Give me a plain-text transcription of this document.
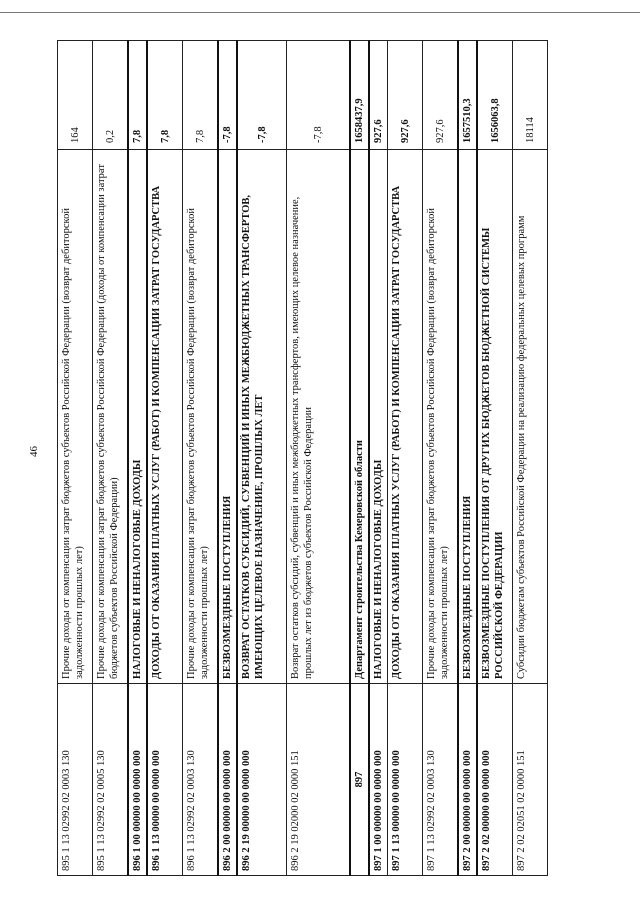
46
895 1 13 02992 02 0003 130	Прочие доходы от компенсации затрат бюджетов субъектов Российской Федерации (возврат дебиторской задолженности прошлых лет)	164
895 1 13 02992 02 0005 130	Прочие доходы от компенсации затрат бюджетов субъектов Российской Федерации (доходы от компенсации затрат бюджетов субъектов Российской Федерации)	0,2
896 1 00 00000 00 0000 000	НАЛОГОВЫЕ И НЕНАЛОГОВЫЕ ДОХОДЫ	7,8
896 1 13 00000 00 0000 000	ДОХОДЫ ОТ ОКАЗАНИЯ ПЛАТНЫХ УСЛУГ (РАБОТ) И КОМПЕНСАЦИИ ЗАТРАТ ГОСУДАРСТВА	7,8
896 1 13 02992 02 0003 130	Прочие доходы от компенсации затрат бюджетов субъектов Российской Федерации (возврат дебиторской задолженности прошлых лет)	7,8
896 2 00 00000 00 0000 000	БЕЗВОЗМЕЗДНЫЕ ПОСТУПЛЕНИЯ	-7,8
896 2 19 00000 00 0000 000	ВОЗВРАТ ОСТАТКОВ СУБСИДИЙ, СУБВЕНЦИЙ И ИНЫХ МЕЖБЮДЖЕТНЫХ ТРАНСФЕРТОВ, ИМЕЮЩИХ ЦЕЛЕВОЕ НАЗНАЧЕНИЕ, ПРОШЛЫХ ЛЕТ	-7,8
896 2 19 02000 02 0000 151	Возврат остатков субсидий, субвенций и иных межбюджетных трансфертов, имеющих целевое назначение, прошлых лет из бюджетов субъектов Российской Федерации	-7,8
897	Департамент строительства Кемеровской области	1658437,9
897 1 00 00000 00 0000 000	НАЛОГОВЫЕ И НЕНАЛОГОВЫЕ ДОХОДЫ	927,6
897 1 13 00000 00 0000 000	ДОХОДЫ ОТ ОКАЗАНИЯ ПЛАТНЫХ УСЛУГ (РАБОТ) И КОМПЕНСАЦИИ ЗАТРАТ ГОСУДАРСТВА	927,6
897 1 13 02992 02 0003 130	Прочие доходы от компенсации затрат бюджетов субъектов Российской Федерации (возврат дебиторской задолженности прошлых лет)	927,6
897 2 00 00000 00 0000 000	БЕЗВОЗМЕЗДНЫЕ ПОСТУПЛЕНИЯ	1657510,3
897 2 02 00000 00 0000 000	БЕЗВОЗМЕЗДНЫЕ ПОСТУПЛЕНИЯ ОТ ДРУГИХ БЮДЖЕТОВ БЮДЖЕТНОЙ СИСТЕМЫ РОССИЙСКОЙ ФЕДЕРАЦИИ	1656063,8
897 2 02 02051 02 0000 151	Субсидии бюджетам субъектов Российской Федерации на реализацию федеральных целевых программ	18114
